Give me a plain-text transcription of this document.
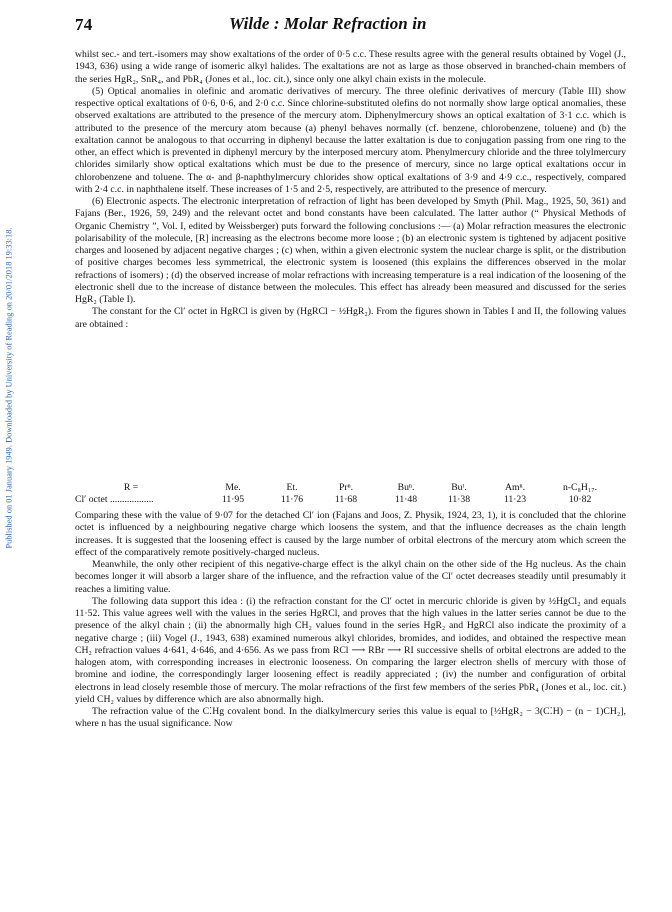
Published on 01 January 1949. Downloaded by University of Reading on 20/01/2018 19:33:18.
74	Wilde : Molar Refraction in

whilst sec.- and tert.-isomers may show exaltations of the order of 0·5 c.c. These results agree with the general results obtained by Vogel (J., 1943, 636) using a wide range of isomeric alkyl halides. The exaltations are not as large as those observed in branched-chain members of the series HgR₂, SnR₄, and PbR₄ (Jones et al., loc. cit.), since only one alkyl chain exists in the molecule.

(5) Optical anomalies in olefinic and aromatic derivatives of mercury. The three olefinic derivatives of mercury (Table III) show respective optical exaltations of 0·6, 0·6, and 2·0 c.c. Since chlorine-substituted olefins do not normally show large optical anomalies, these observed exaltations are attributed to the presence of the mercury atom. Diphenylmercury shows an optical exaltation of 3·1 c.c. which is attributed to the presence of the mercury atom because (a) phenyl behaves normally (cf. benzene, chlorobenzene, toluene) and (b) the exaltation cannot be analogous to that occurring in diphenyl because the latter exaltation is due to conjugation passing from one ring to the other, an effect which is prevented in diphenyl mercury by the interposed mercury atom. Phenylmercury chloride and the three tolylmercury chlorides similarly show optical exaltations which must be due to the presence of mercury, since no large optical exaltations occur in chlorobenzene and toluene. The α- and β-naphthylmercury chlorides show optical exaltations of 3·9 and 4·9 c.c., respectively, compared with 2·4 c.c. in naphthalene itself. These increases of 1·5 and 2·5, respectively, are attributed to the presence of mercury.

(6) Electronic aspects. The electronic interpretation of refraction of light has been developed by Smyth (Phil. Mag., 1925, 50, 361) and Fajans (Ber., 1926, 59, 249) and the relevant octet and bond constants have been calculated. The latter author (“ Physical Methods of Organic Chemistry ”, Vol. I, edited by Weissberger) puts forward the following conclusions :— (a) Molar refraction measures the electronic polarisability of the molecule, [R] increasing as the electrons become more loose ; (b) an electronic system is tightened by adjacent positive charges and loosened by adjacent negative charges ; (c) when, within a given electronic system the nuclear charge is split, or the distribution of positive charges becomes less symmetrical, the electronic system is loosened (this explains the differences observed in the molar refractions of isomers) ; (d) the observed increase of molar refractions with increasing temperature is a real indication of the loosening of the electronic shell due to the increase of distance between the molecules. This effect has already been measured and discussed for the series HgR₂ (Table I).

The constant for the Cl′ octet in HgRCl is given by (HgRCl − ½HgR₂). From the figures shown in Tables I and II, the following values are obtained :

R =	Me.	Et.	Prⁿ.	Buⁿ.	Buᵗ.	Amⁿ.	n-C₈H₁₇.
Cl′ octet ..................	11·95	11·76	11·68	11·48	11·38	11·23	10·82

Comparing these with the value of 9·07 for the detached Cl′ ion (Fajans and Joos, Z. Physik, 1924, 23, 1), it is concluded that the chlorine octet is influenced by a neighbouring negative charge which loosens the system, and that the influence decreases as the chain length increases. It is suggested that the loosening effect is caused by the large number of orbital electrons of the mercury atom which screen the effect of the comparatively remote positively-charged nucleus.

Meanwhile, the only other recipient of this negative-charge effect is the alkyl chain on the other side of the Hg nucleus. As the chain becomes longer it will absorb a larger share of the influence, and the refraction value of the Cl′ octet decreases steadily until presumably it reaches a limiting value.

The following data support this idea : (i) the refraction constant for the Cl′ octet in mercuric chloride is given by ½HgCl₂ and equals 11·52. This value agrees well with the values in the series HgRCl, and proves that the high values in the latter series cannot be due to the presence of the alkyl chain ; (ii) the abnormally high CH₂ values found in the series HgR₂ and HgRCl also indicate the proximity of a negative charge ; (iii) Vogel (J., 1943, 638) examined numerous alkyl chlorides, bromides, and iodides, and obtained the respective mean CH₂ refraction values 4·641, 4·646, and 4·656. As we pass from RCl ⟶ RBr ⟶ RI successive shells of orbital electrons are added to the halogen atom, with corresponding increases in electronic looseness. On comparing the larger electron shells of mercury with those of bromine and iodine, the correspondingly larger loosening effect is readily appreciated ; (iv) the number and configuration of orbital electrons in lead closely resemble those of mercury. The molar refractions of the first few members of the series PbR₄ (Jones et al., loc. cit.) yield CH₂ values by difference which are also abnormally high.

The refraction value of the C⁚Hg covalent bond. In the dialkylmercury series this value is equal to [½HgR₂ − 3(C⁚H) − (n − 1)CH₂], where n has the usual significance. Now
